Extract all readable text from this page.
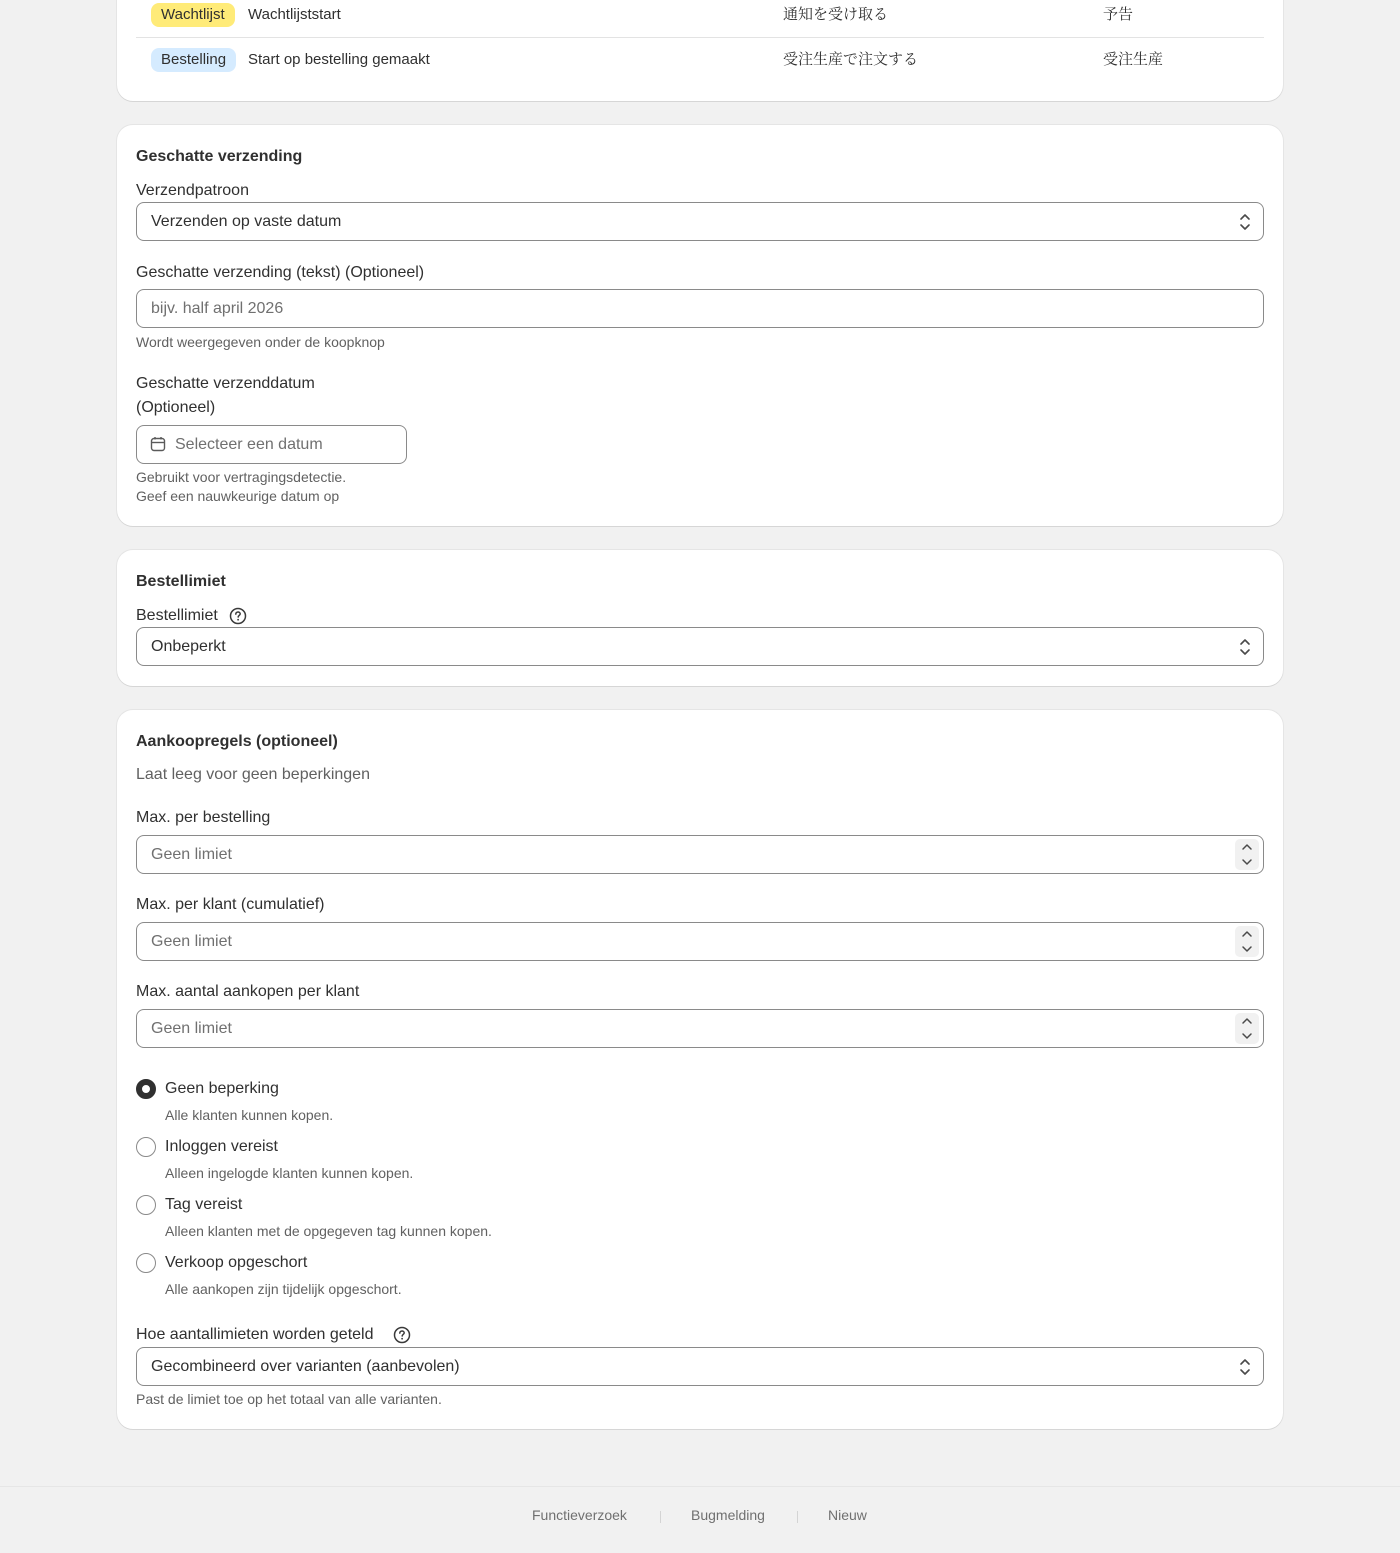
Wachtlijst	Wachtlijststart	通知を受け取る	予告
Bestelling	Start op bestelling gemaakt	受注生産で注文する	受注生産
Geschatte verzending
Verzendpatroon
Verzenden op vaste datum
Geschatte verzending (tekst) (Optioneel)
bijv. half april 2026
Wordt weergegeven onder de koopknop
Geschatte verzenddatum
(Optioneel)
Selecteer een datum
Gebruikt voor vertragingsdetectie.
Geef een nauwkeurige datum op
Bestellimiet
Bestellimiet
Onbeperkt
Aankoopregels (optioneel)
Laat leeg voor geen beperkingen
Max. per bestelling
Geen limiet
Max. per klant (cumulatief)
Geen limiet
Max. aantal aankopen per klant
Geen limiet
Geen beperking
Alle klanten kunnen kopen.
Inloggen vereist
Alleen ingelogde klanten kunnen kopen.
Tag vereist
Alleen klanten met de opgegeven tag kunnen kopen.
Verkoop opgeschort
Alle aankopen zijn tijdelijk opgeschort.
Hoe aantallimieten worden geteld
Gecombineerd over varianten (aanbevolen)
Past de limiet toe op het totaal van alle varianten.
Functieverzoek	Bugmelding	Nieuw
